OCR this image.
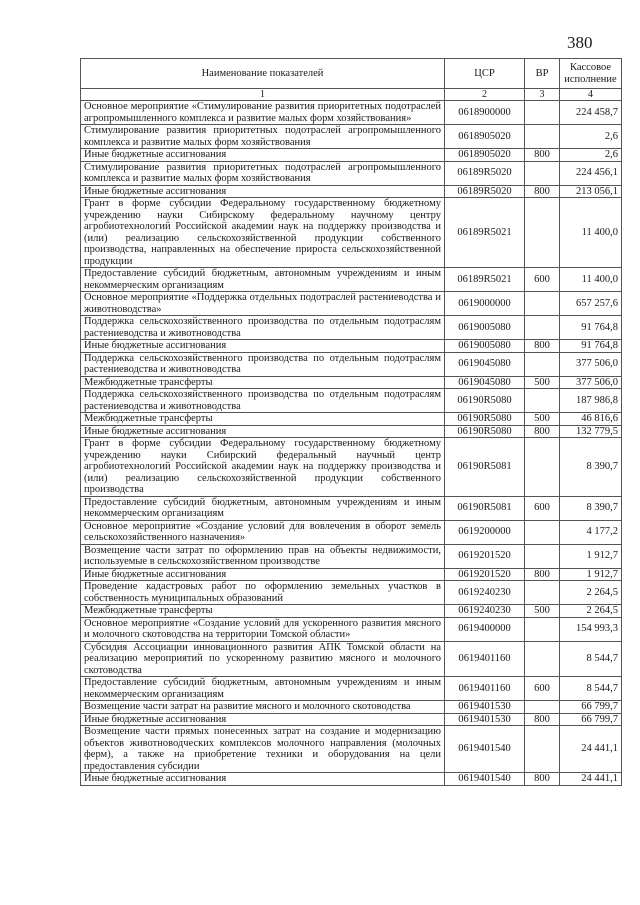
380
Наименование показателей	ЦСР	ВР	Кассовое исполнение
1	2	3	4
Основное мероприятие «Стимулирование развития приоритетных подотраслей агропромышленного комплекса и развитие малых форм хозяйствования»	0618900000		224 458,7
Стимулирование развития приоритетных подотраслей агропромышленного комплекса и развитие малых форм хозяйствования	0618905020		2,6
Иные бюджетные ассигнования	0618905020	800	2,6
Стимулирование развития приоритетных подотраслей агропромышленного комплекса и развитие малых форм хозяйствования	06189R5020		224 456,1
Иные бюджетные ассигнования	06189R5020	800	213 056,1
Грант в форме субсидии Федеральному государственному бюджетному учреждению науки Сибирскому федеральному научному центру агробиотехнологий Российской академии наук на поддержку производства и (или) реализацию сельскохозяйственной продукции собственного производства, направленных на обеспечение прироста сельскохозяйственной продукции	06189R5021		11 400,0
Предоставление субсидий бюджетным, автономным учреждениям и иным некоммерческим организациям	06189R5021	600	11 400,0
Основное мероприятие «Поддержка отдельных подотраслей растениеводства и животноводства»	0619000000		657 257,6
Поддержка сельскохозяйственного производства по отдельным подотраслям растениеводства и животноводства	0619005080		91 764,8
Иные бюджетные ассигнования	0619005080	800	91 764,8
Поддержка сельскохозяйственного производства по отдельным подотраслям растениеводства и животноводства	0619045080		377 506,0
Межбюджетные трансферты	0619045080	500	377 506,0
Поддержка сельскохозяйственного производства по отдельным подотраслям растениеводства и животноводства	06190R5080		187 986,8
Межбюджетные трансферты	06190R5080	500	46 816,6
Иные бюджетные ассигнования	06190R5080	800	132 779,5
Грант в форме субсидии Федеральному государственному бюджетному учреждению науки Сибирский федеральный научный центр агробиотехнологий Российской академии наук на поддержку производства и (или) реализацию сельскохозяйственной продукции собственного производства	06190R5081		8 390,7
Предоставление субсидий бюджетным, автономным учреждениям и иным некоммерческим организациям	06190R5081	600	8 390,7
Основное мероприятие «Создание условий для вовлечения в оборот земель сельскохозяйственного назначения»	0619200000		4 177,2
Возмещение части затрат по оформлению прав на объекты недвижимости, используемые в сельскохозяйственном производстве	0619201520		1 912,7
Иные бюджетные ассигнования	0619201520	800	1 912,7
Проведение кадастровых работ по оформлению земельных участков в собственность муниципальных образований	0619240230		2 264,5
Межбюджетные трансферты	0619240230	500	2 264,5
Основное мероприятие «Создание условий для ускоренного развития мясного и молочного скотоводства на территории Томской области»	0619400000		154 993,3
Субсидия Ассоциации инновационного развития АПК Томской области на реализацию мероприятий по ускоренному развитию мясного и молочного скотоводства	0619401160		8 544,7
Предоставление субсидий бюджетным, автономным учреждениям и иным некоммерческим организациям	0619401160	600	8 544,7
Возмещение части затрат на развитие мясного и молочного скотоводства	0619401530		66 799,7
Иные бюджетные ассигнования	0619401530	800	66 799,7
Возмещение части прямых понесенных затрат на создание и модернизацию объектов животноводческих комплексов молочного направления (молочных ферм), а также на приобретение техники и оборудования на цели предоставления субсидии	0619401540		24 441,1
Иные бюджетные ассигнования	0619401540	800	24 441,1
